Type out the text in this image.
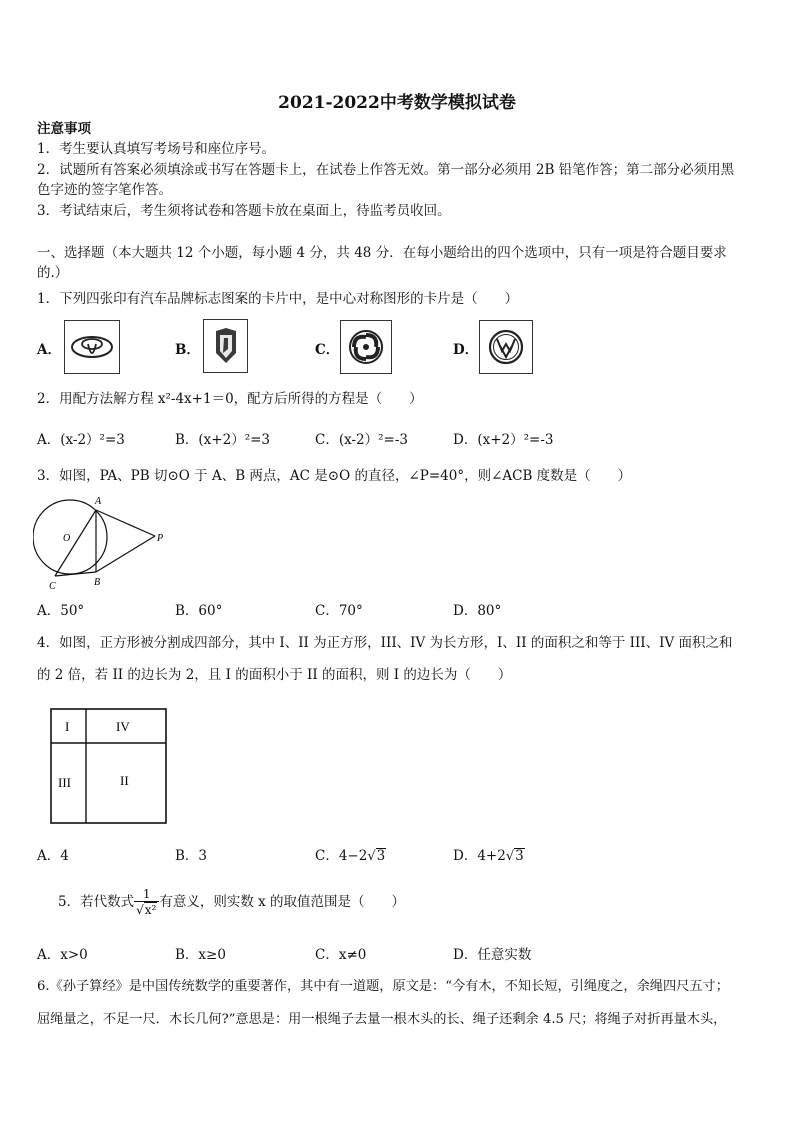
2021-2022中考数学模拟试卷
注意事项
1．考生要认真填写考场号和座位序号。
2．试题所有答案必须填涂或书写在答题卡上，在试卷上作答无效。第一部分必须用 2B 铅笔作答；第二部分必须用黑
色字迹的签字笔作答。
3．考试结束后，考生须将试卷和答题卡放在桌面上，待监考员收回。
一、选择题（本大题共 12 个小题，每小题 4 分，共 48 分．在每小题给出的四个选项中，只有一项是符合题目要求
的.）
1．下列四张印有汽车品牌标志图案的卡片中，是中心对称图形的卡片是（　　）
A．	B．	C．	D．
2．用配方法解方程 x²-4x+1＝0，配方后所得的方程是（　　）
A．(x-2）²=3	B．(x+2）²=3	C．(x-2）²=-3	D．(x+2）²=-3
3．如图，PA、PB 切⊙O 于 A、B 两点，AC 是⊙O 的直径，∠P=40°，则∠ACB 度数是（　　）
A
O	P
C	B
A．50°	B．60°	C．70°	D．80°
4．如图，正方形被分割成四部分，其中 I、II 为正方形，III、IV 为长方形，I、II 的面积之和等于 III、IV 面积之和
的 2 倍，若 II 的边长为 2，且 I 的面积小于 II 的面积，则 I 的边长为（　　）
I	IV
III	II
A．4	B．3	C．4−2√3	D．4+2√3
5．若代数式 $\frac{1}{\text{√x²}}$ 有意义，则实数 x 的取值范围是（　　）
A．x>0	B．x≥0	C．x≠0	D．任意实数
6.《孙子算经》是中国传统数学的重要著作，其中有一道题，原文是：“今有木，不知长短，引绳度之，余绳四尺五寸；
屈绳量之，不足一尺．木长几何?”意思是：用一根绳子去量一根木头的长、绳子还剩余 4.5 尺；将绳子对折再量木头，
